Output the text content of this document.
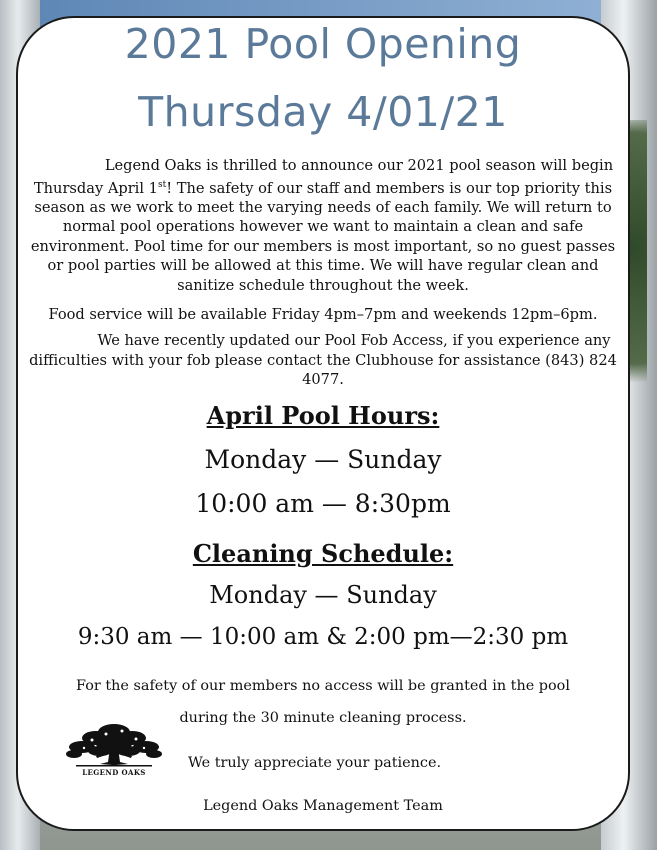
2021 Pool Opening
Thursday 4/01/21

Legend Oaks is thrilled to announce our 2021 pool season will begin Thursday April 1st! The safety of our staff and members is our top priority this season as we work to meet the varying needs of each family. We will return to normal pool operations however we want to maintain a clean and safe environment. Pool time for our members is most important, so no guest passes or pool parties will be allowed at this time. We will have regular clean and sanitize schedule throughout the week.

Food service will be available Friday 4pm–7pm and weekends 12pm–6pm.

We have recently updated our Pool Fob Access, if you experience any difficulties with your fob please contact the Clubhouse for assistance (843) 824 4077.

April Pool Hours:

Monday — Sunday

10:00 am — 8:30pm

Cleaning Schedule:

Monday — Sunday

9:30 am — 10:00 am & 2:00 pm—2:30 pm

For the safety of our members no access will be granted in the pool

during the 30 minute cleaning process.

We truly appreciate your patience.

Legend Oaks Management Team

LEGEND OAKS
